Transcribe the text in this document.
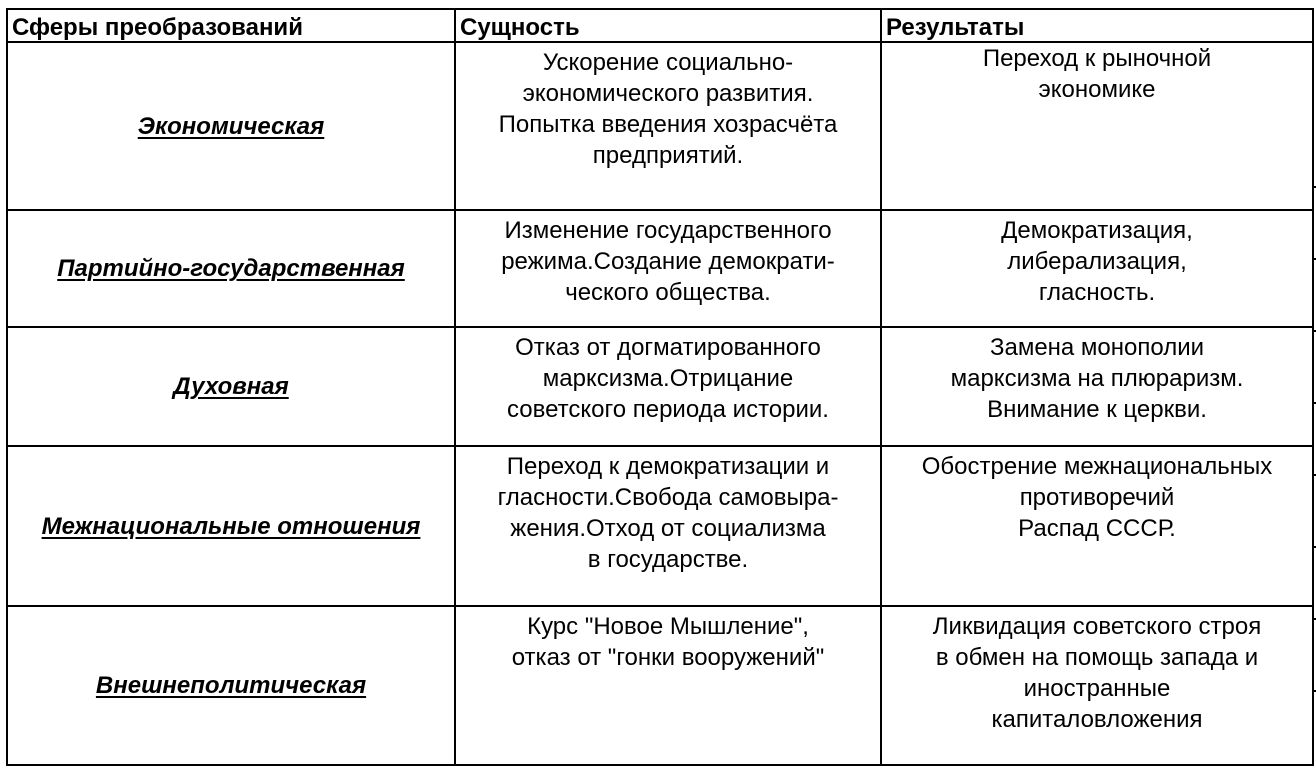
Сферы преобразований	Сущность	Результаты
Экономическая	Ускорение социально-
экономического развития.
Попытка введения хозрасчёта
предприятий.	Переход к рыночной
экономике

Партийно-государственная	Изменение государственного
режима.Создание демократи-
ческого общества.	Демократизация,
либерализация,
гласность.

Духовная	Отказ от догматированного
марксизма.Отрицание
советского периода истории.	Замена монополии
марксизма на плюраризм.
Внимание к церкви.

Межнациональные отношения	Переход к демократизации и
гласности.Свобода самовыра-
жения.Отход от социализма
в государстве.	Обострение межнациональных
противоречий
Распад СССР.

Внешнеполитическая	Курс "Новое Мышление",
отказ от "гонки вооружений"	Ликвидация советского строя
в обмен на помощь запада и
иностранные
капиталовложения
